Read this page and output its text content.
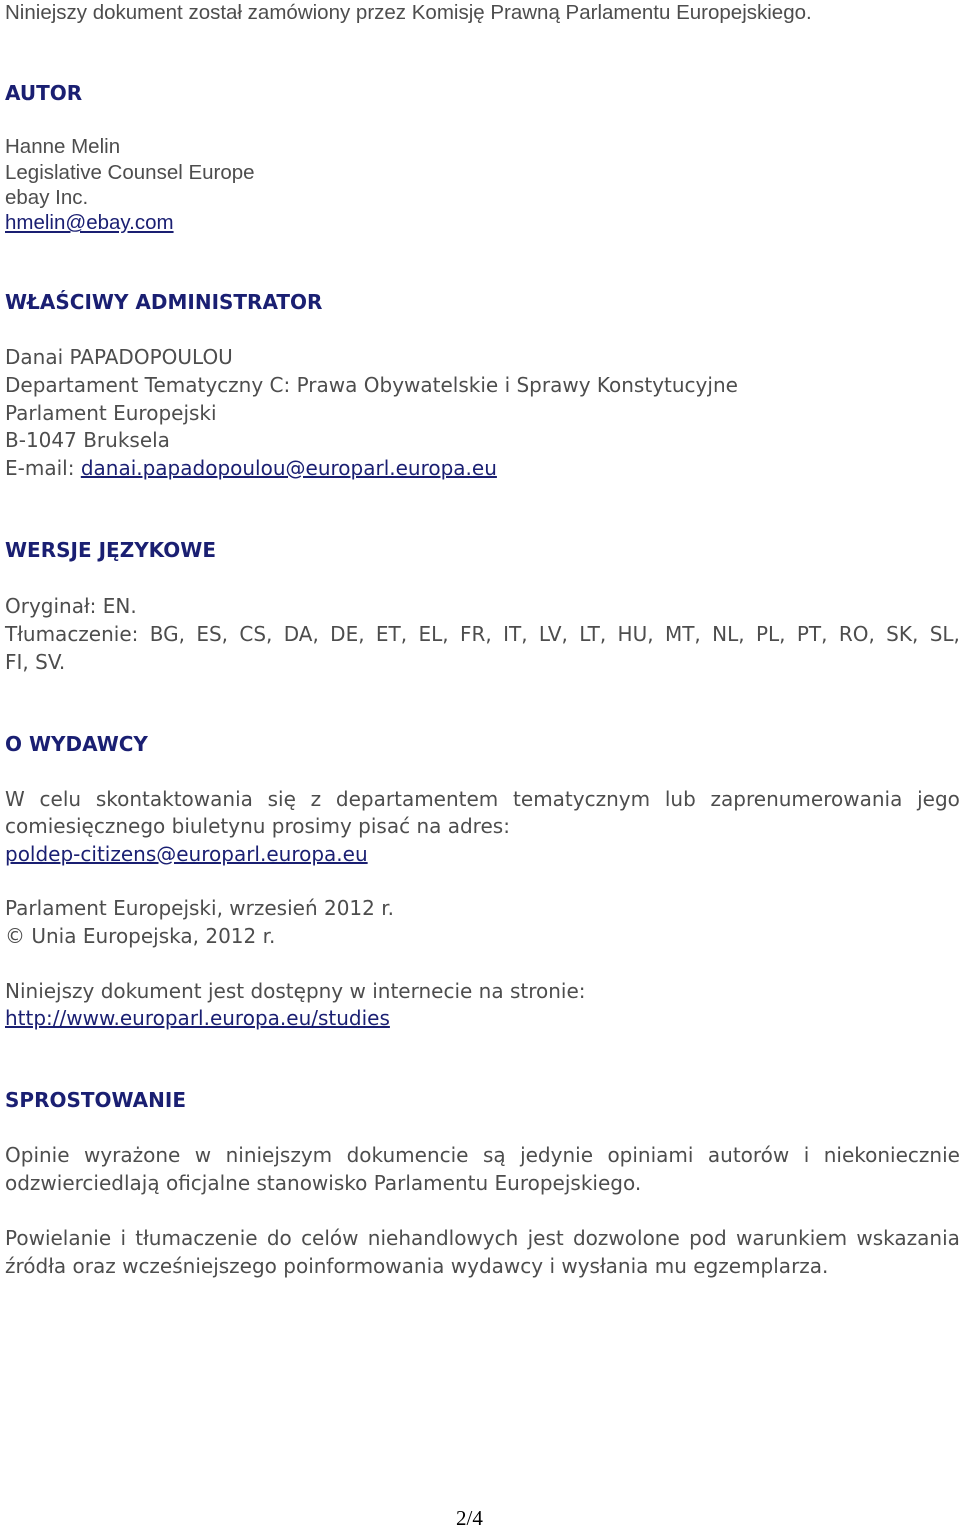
Niniejszy dokument został zamówiony przez Komisję Prawną Parlamentu Europejskiego.
AUTOR
Hanne Melin
Legislative Counsel Europe
ebay Inc.
hmelin@ebay.com
WŁAŚCIWY ADMINISTRATOR
Danai PAPADOPOULOU
Departament Tematyczny C: Prawa Obywatelskie i Sprawy Konstytucyjne
Parlament Europejski
B-1047 Bruksela
E-mail: danai.papadopoulou@europarl.europa.eu
WERSJE JĘZYKOWE
Oryginał: EN.
Tłumaczenie: BG, ES, CS, DA, DE, ET, EL, FR, IT, LV, LT, HU, MT, NL, PL, PT, RO, SK, SL,
FI, SV.
O WYDAWCY
W celu skontaktowania się z departamentem tematycznym lub zaprenumerowania jego
comiesięcznego biuletynu prosimy pisać na adres:
poldep-citizens@europarl.europa.eu
Parlament Europejski, wrzesień 2012 r.
© Unia Europejska, 2012 r.
Niniejszy dokument jest dostępny w internecie na stronie:
http://www.europarl.europa.eu/studies
SPROSTOWANIE
Opinie wyrażone w niniejszym dokumencie są jedynie opiniami autorów i niekoniecznie
odzwierciedlają oficjalne stanowisko Parlamentu Europejskiego.
Powielanie i tłumaczenie do celów niehandlowych jest dozwolone pod warunkiem wskazania
źródła oraz wcześniejszego poinformowania wydawcy i wysłania mu egzemplarza.
2/4
